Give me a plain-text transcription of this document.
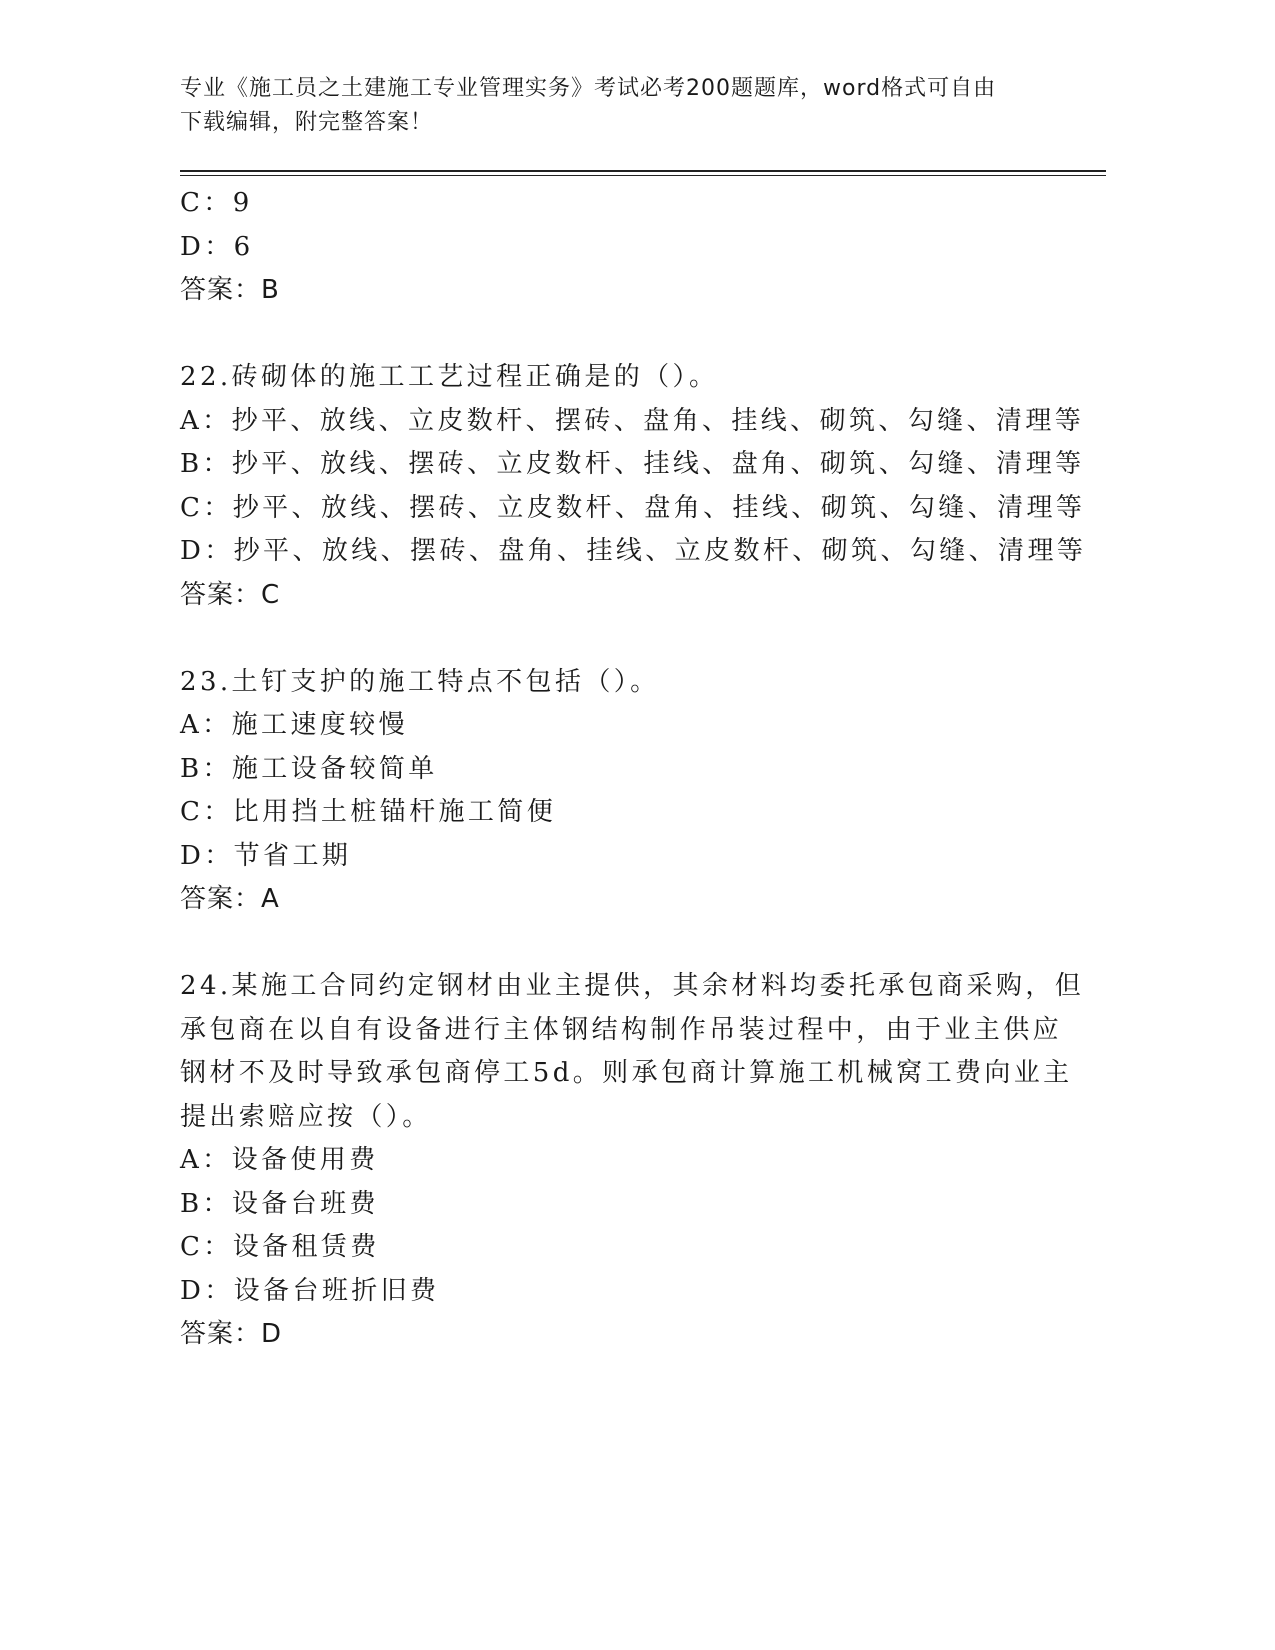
专业《施工员之土建施工专业管理实务》考试必考200题题库，word格式可自由
下载编辑，附完整答案！
C：9
D：6
答案：B
22.砖砌体的施工工艺过程正确是的（）。
A：抄平、放线、立皮数杆、摆砖、盘角、挂线、砌筑、勾缝、清理等
B：抄平、放线、摆砖、立皮数杆、挂线、盘角、砌筑、勾缝、清理等
C：抄平、放线、摆砖、立皮数杆、盘角、挂线、砌筑、勾缝、清理等
D：抄平、放线、摆砖、盘角、挂线、立皮数杆、砌筑、勾缝、清理等
答案：C
23.土钉支护的施工特点不包括（）。
A：施工速度较慢
B：施工设备较简单
C：比用挡土桩锚杆施工简便
D：节省工期
答案：A
24.某施工合同约定钢材由业主提供，其余材料均委托承包商采购，但
承包商在以自有设备进行主体钢结构制作吊装过程中，由于业主供应
钢材不及时导致承包商停工5d。则承包商计算施工机械窝工费向业主
提出索赔应按（）。
A：设备使用费
B：设备台班费
C：设备租赁费
D：设备台班折旧费
答案：D
